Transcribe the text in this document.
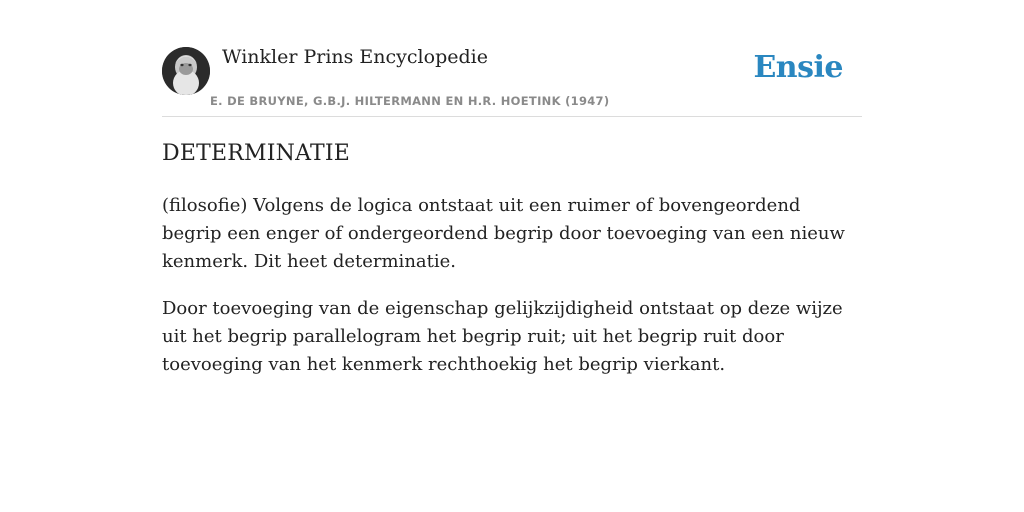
Winkler Prins Encyclopedie
E. DE BRUYNE, G.B.J. HILTERMANN EN H.R. HOETINK (1947)
Ensie
DETERMINATIE

(filosofie) Volgens de logica ontstaat uit een ruimer of bovengeordend begrip een enger of ondergeordend begrip door toevoeging van een nieuw kenmerk. Dit heet determinatie.

Door toevoeging van de eigenschap gelijkzijdigheid ontstaat op deze wijze uit het begrip parallelogram het begrip ruit; uit het begrip ruit door toevoeging van het kenmerk rechthoekig het begrip vierkant.
